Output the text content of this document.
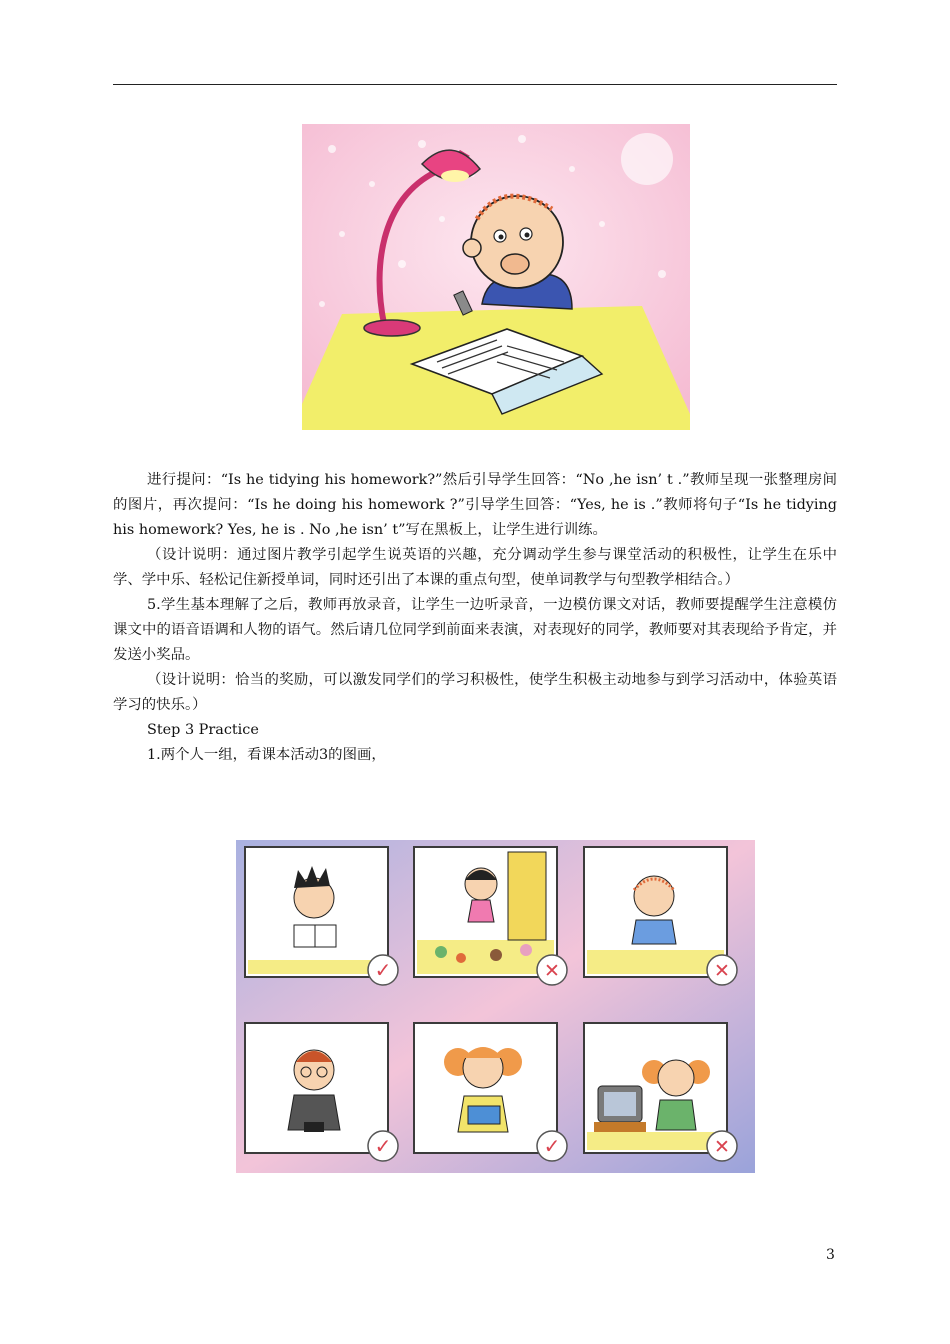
进行提问：“Is he tidying his homework?”然后引导学生回答：“No ,he isn’ t .”教师呈现一张整理房间的图片，再次提问：“Is he doing his homework ?”引导学生回答：“Yes, he is .”教师将句子“Is he tidying his homework? Yes, he is . No ,he isn’ t”写在黑板上，让学生进行训练。

（设计说明：通过图片教学引起学生说英语的兴趣，充分调动学生参与课堂活动的积极性，让学生在乐中学、学中乐、轻松记住新授单词，同时还引出了本课的重点句型，使单词教学与句型教学相结合。）

5.学生基本理解了之后，教师再放录音，让学生一边听录音，一边模仿课文对话，教师要提醒学生注意模仿课文中的语音语调和人物的语气。然后请几位同学到前面来表演，对表现好的同学，教师要对其表现给予肯定，并发送小奖品。

（设计说明：恰当的奖励，可以激发同学们的学习积极性，使学生积极主动地参与到学习活动中，体验英语学习的快乐。）

Step 3 Practice

1.两个人一组，看课本活动3的图画，

✓	✕	✕
✓	✓	✕
3
